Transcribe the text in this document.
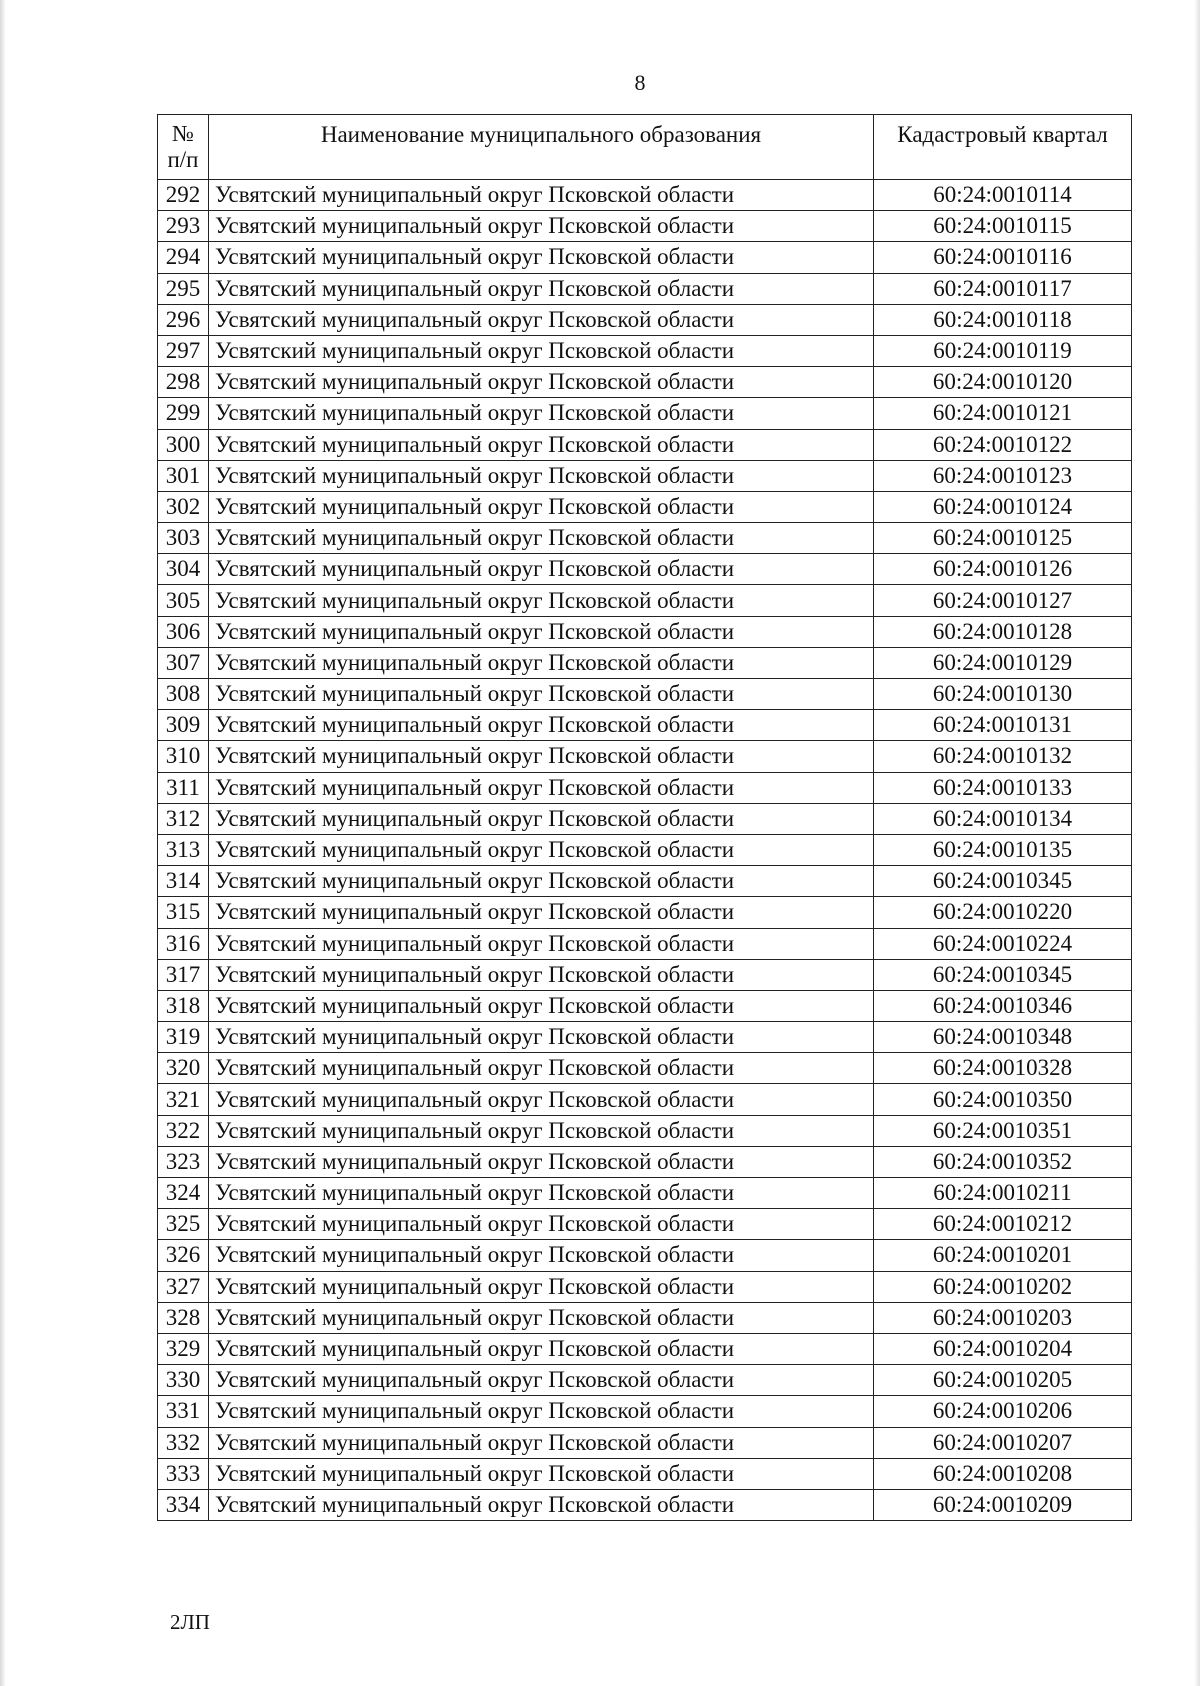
8
№
п/п	Наименование муниципального образования	Кадастровый квартал
292	Усвятский муниципальный округ Псковской области	60:24:0010114
293	Усвятский муниципальный округ Псковской области	60:24:0010115
294	Усвятский муниципальный округ Псковской области	60:24:0010116
295	Усвятский муниципальный округ Псковской области	60:24:0010117
296	Усвятский муниципальный округ Псковской области	60:24:0010118
297	Усвятский муниципальный округ Псковской области	60:24:0010119
298	Усвятский муниципальный округ Псковской области	60:24:0010120
299	Усвятский муниципальный округ Псковской области	60:24:0010121
300	Усвятский муниципальный округ Псковской области	60:24:0010122
301	Усвятский муниципальный округ Псковской области	60:24:0010123
302	Усвятский муниципальный округ Псковской области	60:24:0010124
303	Усвятский муниципальный округ Псковской области	60:24:0010125
304	Усвятский муниципальный округ Псковской области	60:24:0010126
305	Усвятский муниципальный округ Псковской области	60:24:0010127
306	Усвятский муниципальный округ Псковской области	60:24:0010128
307	Усвятский муниципальный округ Псковской области	60:24:0010129
308	Усвятский муниципальный округ Псковской области	60:24:0010130
309	Усвятский муниципальный округ Псковской области	60:24:0010131
310	Усвятский муниципальный округ Псковской области	60:24:0010132
311	Усвятский муниципальный округ Псковской области	60:24:0010133
312	Усвятский муниципальный округ Псковской области	60:24:0010134
313	Усвятский муниципальный округ Псковской области	60:24:0010135
314	Усвятский муниципальный округ Псковской области	60:24:0010345
315	Усвятский муниципальный округ Псковской области	60:24:0010220
316	Усвятский муниципальный округ Псковской области	60:24:0010224
317	Усвятский муниципальный округ Псковской области	60:24:0010345
318	Усвятский муниципальный округ Псковской области	60:24:0010346
319	Усвятский муниципальный округ Псковской области	60:24:0010348
320	Усвятский муниципальный округ Псковской области	60:24:0010328
321	Усвятский муниципальный округ Псковской области	60:24:0010350
322	Усвятский муниципальный округ Псковской области	60:24:0010351
323	Усвятский муниципальный округ Псковской области	60:24:0010352
324	Усвятский муниципальный округ Псковской области	60:24:0010211
325	Усвятский муниципальный округ Псковской области	60:24:0010212
326	Усвятский муниципальный округ Псковской области	60:24:0010201
327	Усвятский муниципальный округ Псковской области	60:24:0010202
328	Усвятский муниципальный округ Псковской области	60:24:0010203
329	Усвятский муниципальный округ Псковской области	60:24:0010204
330	Усвятский муниципальный округ Псковской области	60:24:0010205
331	Усвятский муниципальный округ Псковской области	60:24:0010206
332	Усвятский муниципальный округ Псковской области	60:24:0010207
333	Усвятский муниципальный округ Псковской области	60:24:0010208
334	Усвятский муниципальный округ Псковской области	60:24:0010209
2ЛП
